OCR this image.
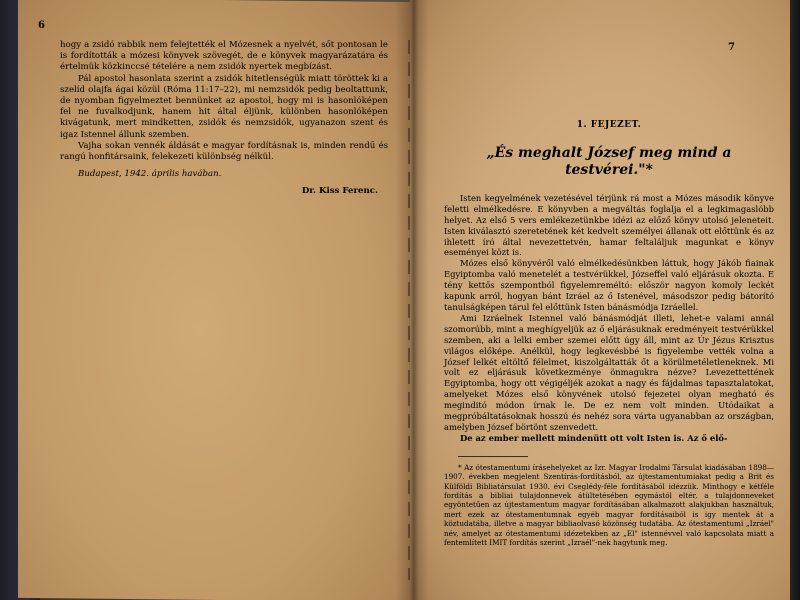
6
7

hogy a zsidó rabbik nem felejtették el Mózesnek a nyelvét, sőt pontosan le is fordították a mózesi könyvek szövegét, de e könyvek magyarázatára és értelmük közkinccsé tételére a nem zsidók nyertek megbízást.

Pál apostol hasonlata szerint a zsidók hitetlenségük miatt töröttek ki a szelíd olajfa ágai közül (Róma 11:17–22), mi nemzsidók pedig beoltattunk, de nyomban figyelmeztet bennünket az apostol, hogy mi is hasonlóképen fel ne fuvalkodjunk, hanem hit által éljünk, különben hasonlóképen kivágatunk, mert mindketten, zsidók és nemzsidók, ugyanazon szent és igaz Istennel állunk szemben.

Vajha sokan vennék áldását e magyar fordításnak is, minden rendű és rangú honfitársaink, felekezeti különbség nélkül.

Budapest, 1942. április havában.

Dr. Kiss Ferenc.

1. FEJEZET.
„És meghalt József meg mind a testvérei."*

Isten kegyelmének vezetésével térjünk rá most a Mózes második könyve feletti elmélkedésre. E könyvben a megváltás foglalja el a legkimagaslóbb helyet. Az első 5 vers emlékezetünkbe idézi az előző könyv utolsó jeleneteit. Isten kiválasztó szeretetének két kedvelt személyei állanak ott előttünk és az ihletett író által nevezettetvén, hamar feltaláljuk magunkat e könyv eseményei közt is.

Mózes első könyvéről való elmélkedésünkben láttuk, hogy Jákób fiainak Egyiptomba való menetelét a testvérükkel, Józseffel való eljárásuk okozta. E tény kettős szempontból figyelemreméltó: először nagyon komoly leckét kapunk arról, hogyan bánt Izráel az ő Istenével, másodszor pedig bátorító tanulságképen tárul fel előttünk Isten bánásmódja Izráellel.

Ami Izráelnek Istennel való bánásmódját illeti, lehet-e valami annál szomorúbb, mint a meghígyeljük az ő eljárásuknak eredményeit testvérükkel szemben, aki a lelki ember szemei előtt úgy áll, mint az Úr Jézus Krisztus világos előképe. Anélkül, hogy legkevésbbé is figyelembe vették volna a József lelkét eltöltő félelmet, kiszolgáltatták őt a körülmetéletleneknek. Mi volt ez eljárásuk következménye önmagukra nézve? Levezettettének Egyiptomba, hogy ott végigéljék azokat a nagy és fájdalmas tapasztalatokat, amelyeket Mózes első könyvének utolsó fejezetei olyan megható és meginditó módon írnak le. De ez nem volt minden. Utódaikat a megpróbáltatásoknak hosszú és nehéz sora várta ugyanabban az országban, amelyben József börtönt szenvedett.

De az ember mellett mindenütt ott volt Isten is. Az ő elő-

* Az ótestamentumi írásehelyeket az Izr. Magyar Irodalmi Társulat kiadásában 1898—1907. években megjelent Szentírás-fordításból, az újtestamentumiakat pedig a Brit és Külföldi Bibliatársulat 1930. évi Cseglédy-féle fordításából idézzük. Minthogy e kétféle fordítás a bibliai tulajdonnevek átültetésében egymástól eltér, a tulajdonneveket egyöntetűen az újtestamentum magyar fordításában alkalmazott alakjukban használtuk, mert ezek az ótestamentumnak egyéb magyar fordításaiból is igy mentek át a köztudatába, illetve a magyar bibliaolvasó közönség tudatába. Az ótestamentumi „Izráel" név, amelyet az ótestamentumi idézetekben az „El" istennévvel való kapcsolata miatt a fentemlített IMIT fordítás szerint „Izraél"-nek hagytunk meg.
